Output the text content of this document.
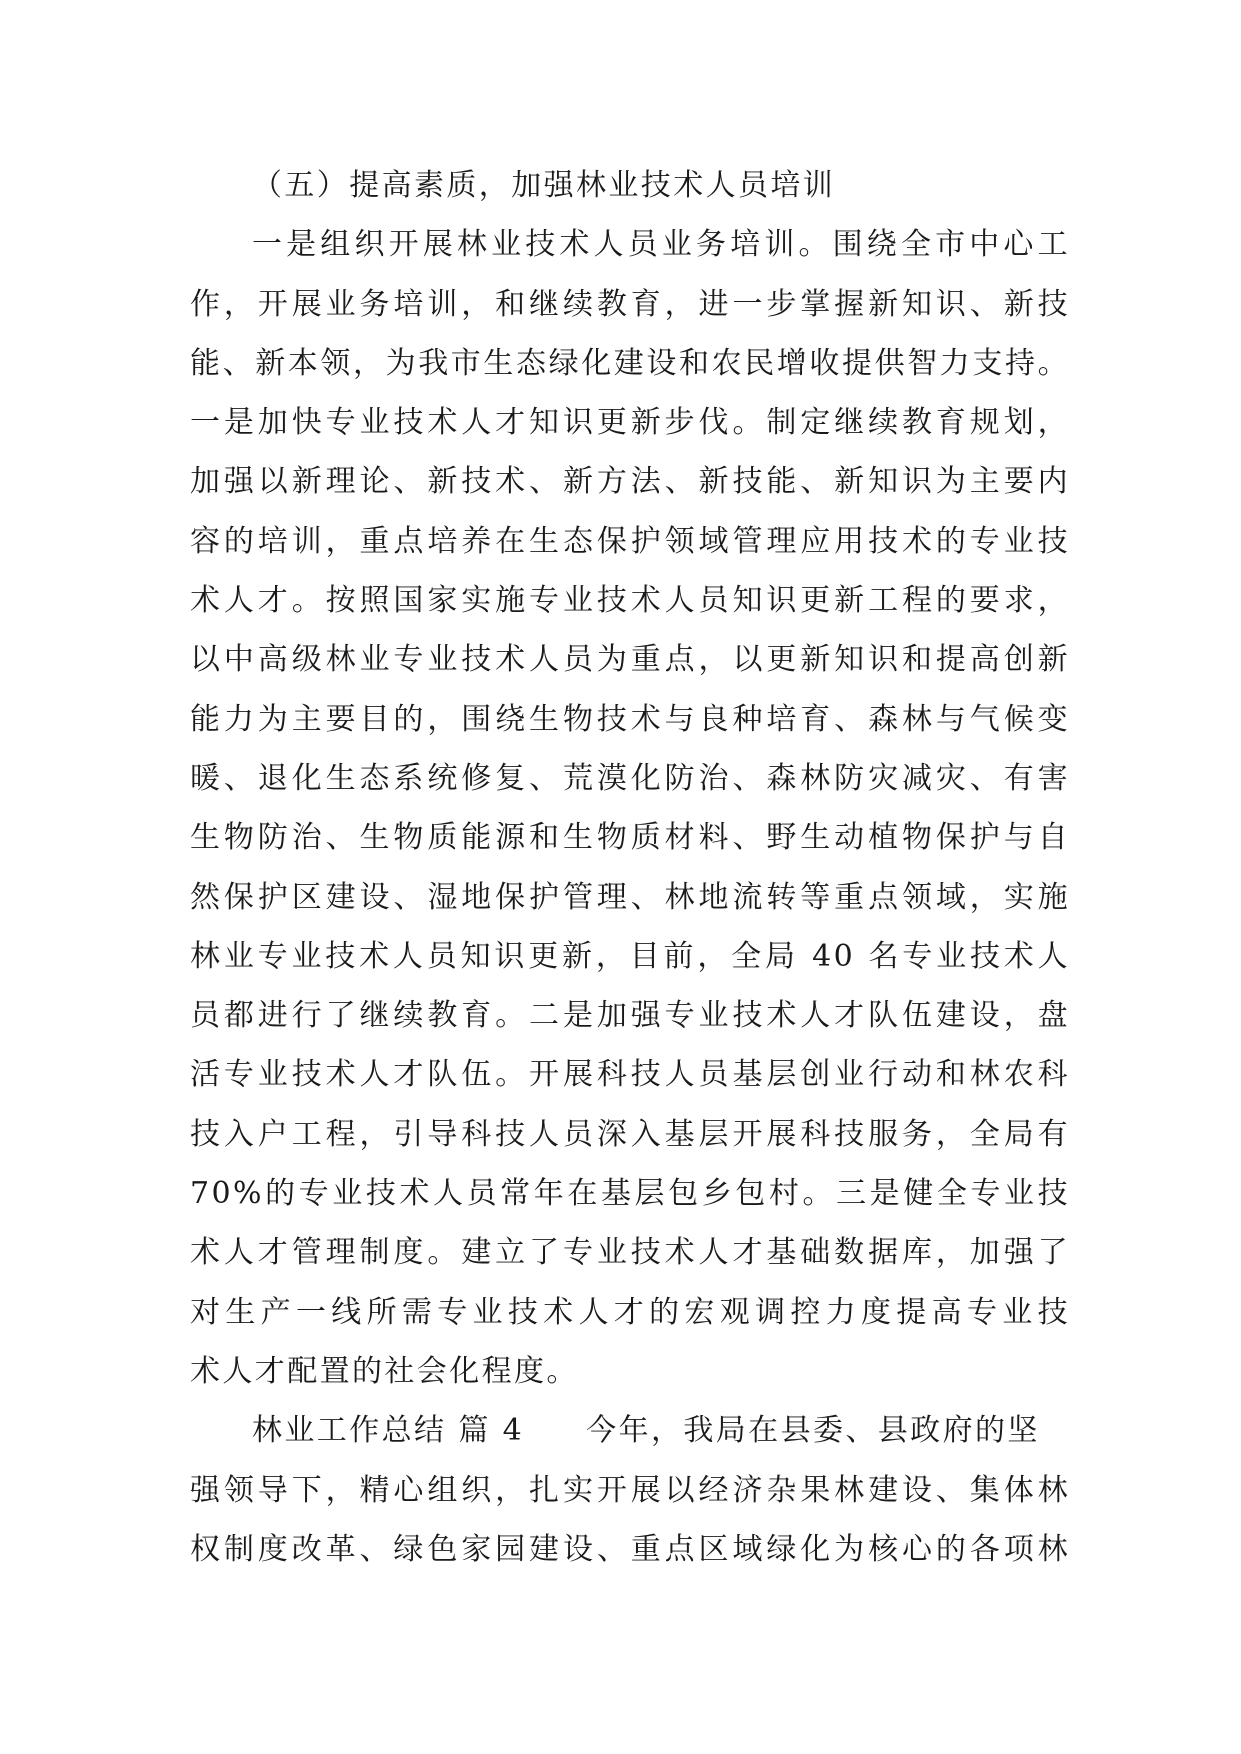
（五）提高素质，加强林业技术人员培训
一是组织开展林业技术人员业务培训。围绕全市中心工
作，开展业务培训，和继续教育，进一步掌握新知识、新技
能、新本领，为我市生态绿化建设和农民增收提供智力支持。
一是加快专业技术人才知识更新步伐。制定继续教育规划，
加强以新理论、新技术、新方法、新技能、新知识为主要内
容的培训，重点培养在生态保护领域管理应用技术的专业技
术人才。按照国家实施专业技术人员知识更新工程的要求，
以中高级林业专业技术人员为重点，以更新知识和提高创新
能力为主要目的，围绕生物技术与良种培育、森林与气候变
暖、退化生态系统修复、荒漠化防治、森林防灾减灾、有害
生物防治、生物质能源和生物质材料、野生动植物保护与自
然保护区建设、湿地保护管理、林地流转等重点领域，实施
林业专业技术人员知识更新，目前，全局 40 名专业技术人
员都进行了继续教育。二是加强专业技术人才队伍建设，盘
活专业技术人才队伍。开展科技人员基层创业行动和林农科
技入户工程，引导科技人员深入基层开展科技服务，全局有
70%的专业技术人员常年在基层包乡包村。三是健全专业技
术人才管理制度。建立了专业技术人才基础数据库，加强了
对生产一线所需专业技术人才的宏观调控力度提高专业技
术人才配置的社会化程度。
林业工作总结 篇 4 今年，我局在县委、县政府的坚
强领导下，精心组织，扎实开展以经济杂果林建设、集体林
权制度改革、绿色家园建设、重点区域绿化为核心的各项林
